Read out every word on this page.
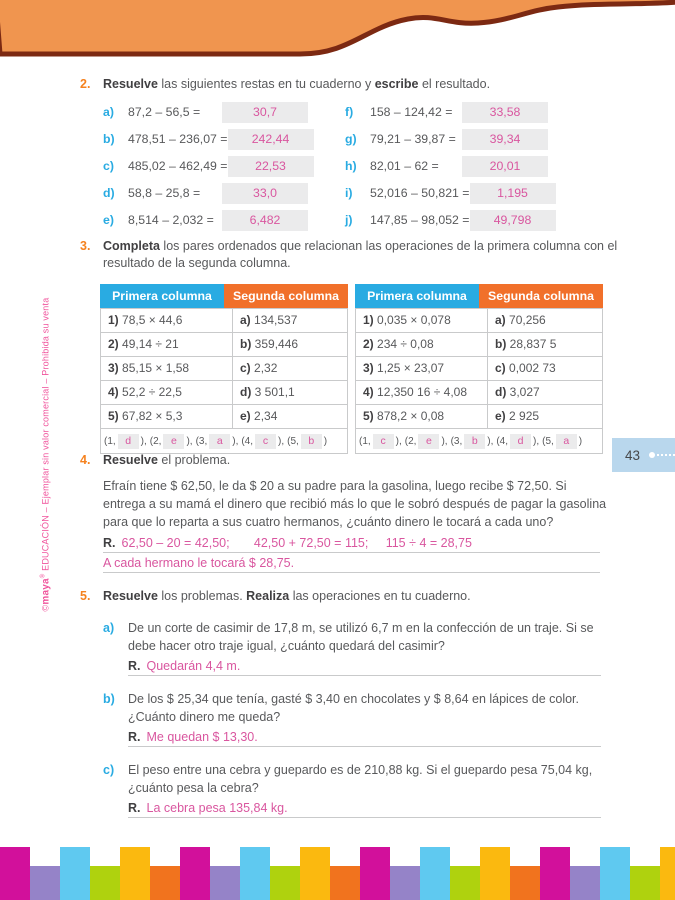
©maya® EDUCACIÓN – Ejemplar sin valor comercial – Prohibida su venta
2. Resuelve las siguientes restas en tu cuaderno y escribe el resultado.
a)	87,2 – 56,5 =	30,7
b)	478,51 – 236,07 =	242,44
c)	485,02 – 462,49 =	22,53
d)	58,8 – 25,8 =	33,0
e)	8,514 – 2,032 =	6,482
f)	158 – 124,42 =	33,58
g)	79,21 – 39,87 =	39,34
h)	82,01 – 62 =	20,01
i)	52,016 – 50,821 =	1,195
j)	147,85 – 98,052 =	49,798
3. Completa los pares ordenados que relacionan las operaciones de la primera columna con el resultado de la segunda columna.
Primera columna	Segunda columna
1) 78,5 × 44,6	a) 134,537
2) 49,14 ÷ 21	b) 359,446
3) 85,15 × 1,58	c) 2,32
4) 52,2 ÷ 22,5	d) 3 501,1
5) 67,82 × 5,3	e) 2,34
(1, d ), (2, e ), (3, a ), (4, c ), (5, b )
Primera columna	Segunda columna
1) 0,035 × 0,078	a) 70,256
2) 234 ÷ 0,08	b) 28,837 5
3) 1,25 × 23,07	c) 0,002 73
4) 12,350 16 ÷ 4,08	d) 3,027
5) 878,2 × 0,08	e) 2 925
(1, c ), (2, e ), (3, b ), (4, d ), (5, a )
43
4. Resuelve el problema.

Efraín tiene $ 62,50, le da $ 20 a su padre para la gasolina, luego recibe $ 72,50. Si entrega a su mamá el dinero que recibió más lo que le sobró después de pagar la gasolina para que lo reparta a sus cuatro hermanos, ¿cuánto dinero le tocará a cada uno?

R. 62,50 – 20 = 42,50;       42,50 + 72,50 = 115;     115 ÷ 4 = 28,75
A cada hermano le tocará $ 28,75.
5. Resuelve los problemas. Realiza las operaciones en tu cuaderno.
a)	De un corte de casimir de 17,8 m, se utilizó 6,7 m en la confección de un traje. Si se debe hacer otro traje igual, ¿cuánto quedará del casimir?

R. Quedarán 4,4 m.
b)	De los $ 25,34 que tenía, gasté $ 3,40 en chocolates y $ 8,64 en lápices de color. ¿Cuánto dinero me queda?

R. Me quedan $ 13,30.
c)	El peso entre una cebra y guepardo es de 210,88 kg. Si el guepardo pesa 75,04 kg, ¿cuánto pesa la cebra?

R. La cebra pesa 135,84 kg.
